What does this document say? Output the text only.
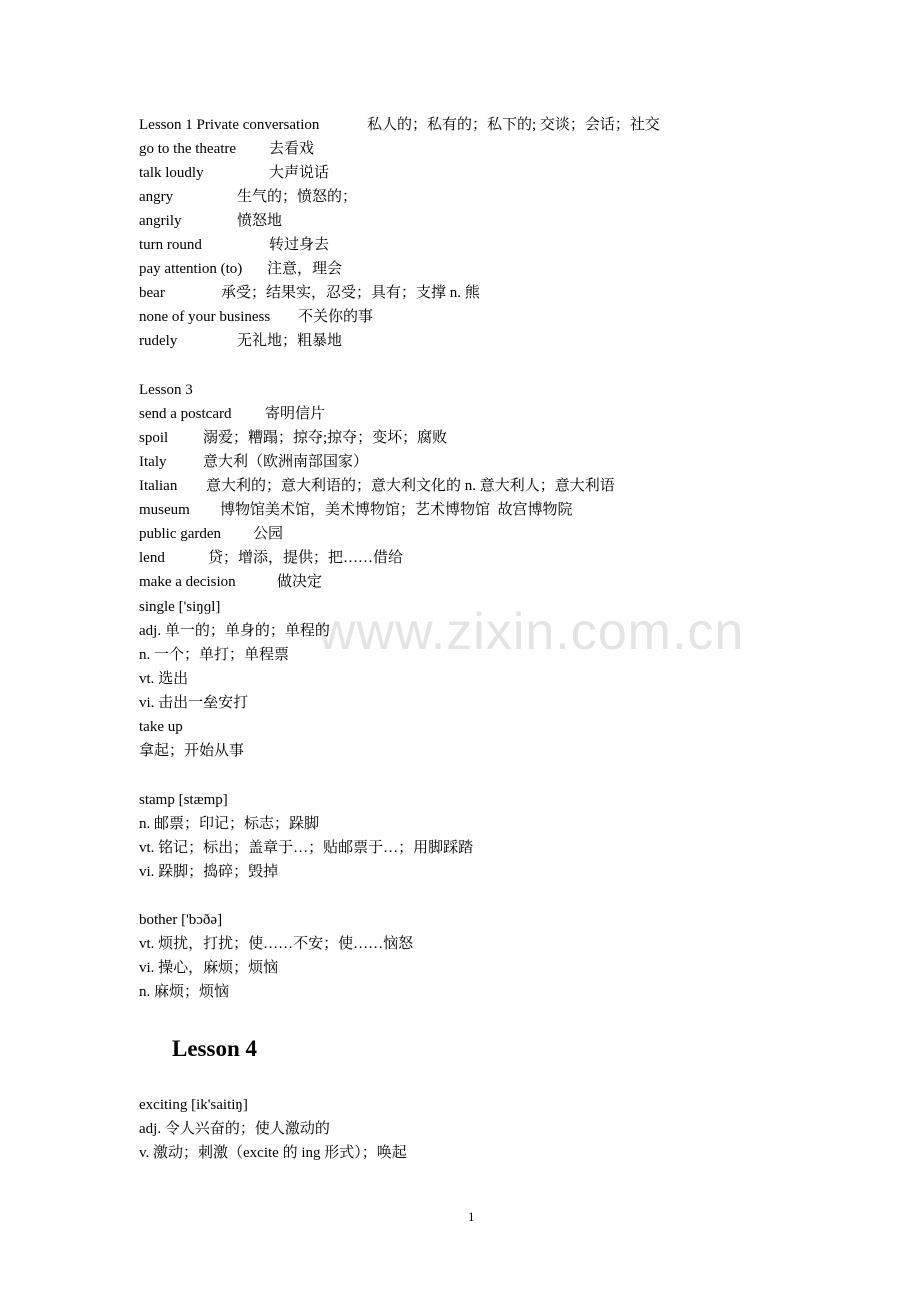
www.zixin.com.cn
Lesson 1 Private conversation	私人的；私有的；私下的; 交谈；会话；社交
go to the theatre 去看戏
talk loudly	大声说话
angry	生气的；愤怒的；
angrily	愤怒地
turn round	转过身去
pay attention (to) 注意，理会
bear	承受；结果实，忍受；具有；支撑 n. 熊
none of your business 不关你的事
rudely	无礼地；粗暴地
Lesson 3
send a postcard 寄明信片
spoil 溺爱；糟蹋；掠夺;掠夺；变坏；腐败
Italy 意大利（欧洲南部国家）
Italian 意大利的；意大利语的；意大利文化的 n. 意大利人；意大利语
museum 博物馆美术馆，美术博物馆；艺术博物馆  故宫博物院
public garden 公园
lend	贷；增添，提供；把……借给
make a decision	做决定
single ['siŋɡl]
adj. 单一的；单身的；单程的
n. 一个；单打；单程票
vt. 选出
vi. 击出一垒安打
take up
拿起；开始从事
stamp [stæmp]
n. 邮票；印记；标志；跺脚
vt. 铭记；标出；盖章于…；贴邮票于…；用脚踩踏
vi. 跺脚；捣碎；毁掉
bother ['bɔðə]
vt. 烦扰，打扰；使……不安；使……恼怒
vi. 操心，麻烦；烦恼
n. 麻烦；烦恼
exciting [ik'saitiŋ]
adj. 令人兴奋的；使人激动的
v. 激动；刺激（excite 的 ing 形式）；唤起
Lesson 4
1
